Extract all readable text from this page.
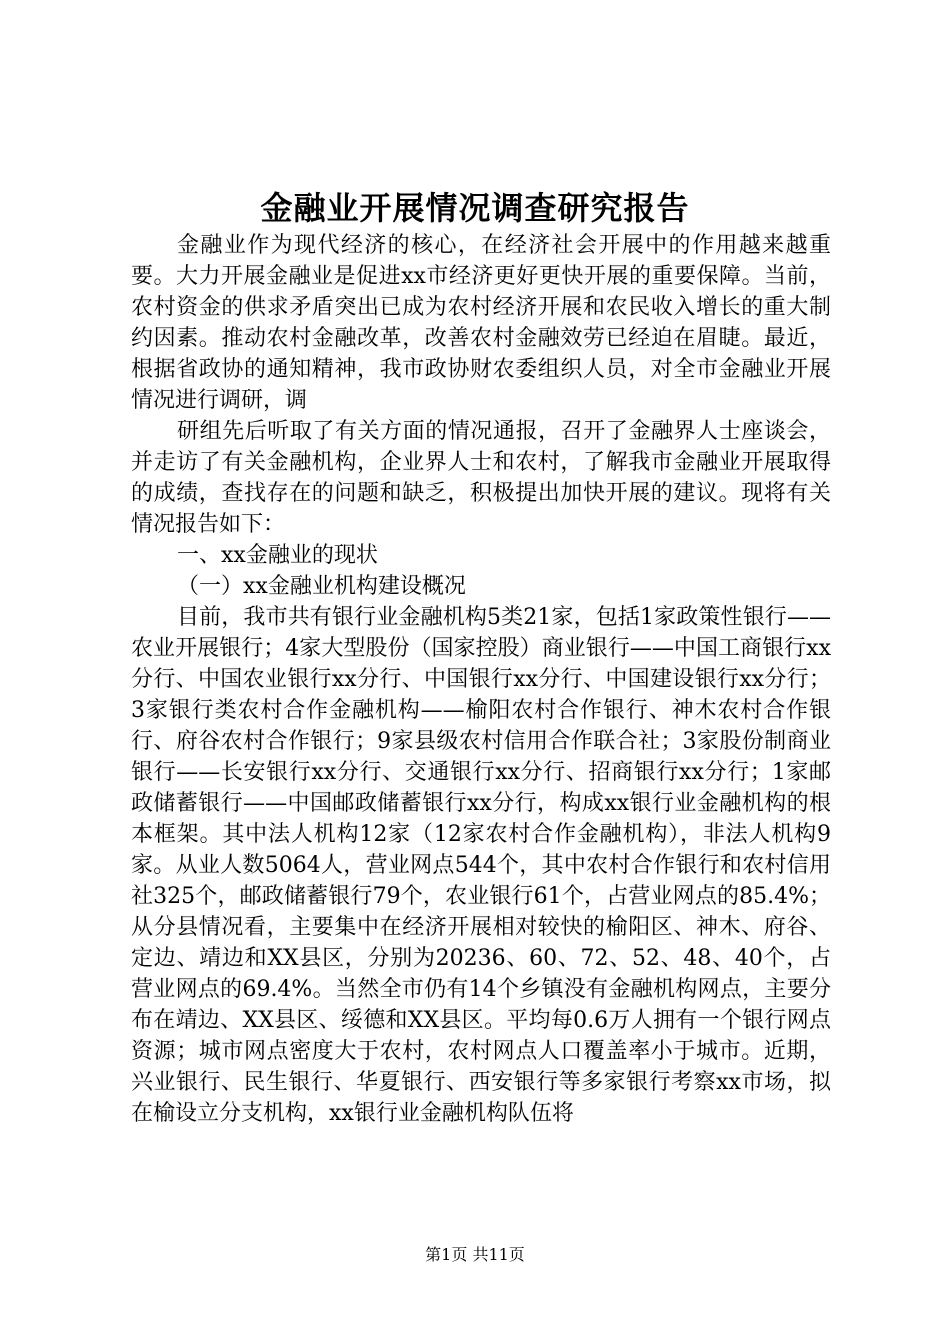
金融业开展情况调查研究报告

金融业作为现代经济的核心，在经济社会开展中的作用越来越重要。大力开展金融业是促进xx市经济更好更快开展的重要保障。当前，农村资金的供求矛盾突出已成为农村经济开展和农民收入增长的重大制约因素。推动农村金融改革，改善农村金融效劳已经迫在眉睫。最近，根据省政协的通知精神，我市政协财农委组织人员，对全市金融业开展情况进行调研，调

研组先后听取了有关方面的情况通报，召开了金融界人士座谈会，并走访了有关金融机构，企业界人士和农村，了解我市金融业开展取得的成绩，查找存在的问题和缺乏，积极提出加快开展的建议。现将有关情况报告如下：

一、xx金融业的现状

（一）xx金融业机构建设概况

目前，我市共有银行业金融机构5类21家，包括1家政策性银行——农业开展银行；4家大型股份（国家控股）商业银行——中国工商银行xx分行、中国农业银行xx分行、中国银行xx分行、中国建设银行xx分行；3家银行类农村合作金融机构——榆阳农村合作银行、神木农村合作银行、府谷农村合作银行；9家县级农村信用合作联合社；3家股份制商业银行——长安银行xx分行、交通银行xx分行、招商银行xx分行；1家邮政储蓄银行——中国邮政储蓄银行xx分行，构成xx银行业金融机构的根本框架。其中法人机构12家（12家农村合作金融机构），非法人机构9家。从业人数5064人，营业网点544个，其中农村合作银行和农村信用社325个，邮政储蓄银行79个，农业银行61个，占营业网点的85.4%；从分县情况看，主要集中在经济开展相对较快的榆阳区、神木、府谷、定边、靖边和XX县区，分别为20236、60、72、52、48、40个，占营业网点的69.4%。当然全市仍有14个乡镇没有金融机构网点，主要分布在靖边、XX县区、绥德和XX县区。平均每0.6万人拥有一个银行网点资源；城市网点密度大于农村，农村网点人口覆盖率小于城市。近期，兴业银行、民生银行、华夏银行、西安银行等多家银行考察xx市场，拟在榆设立分支机构，xx银行业金融机构队伍将

第1页 共11页
